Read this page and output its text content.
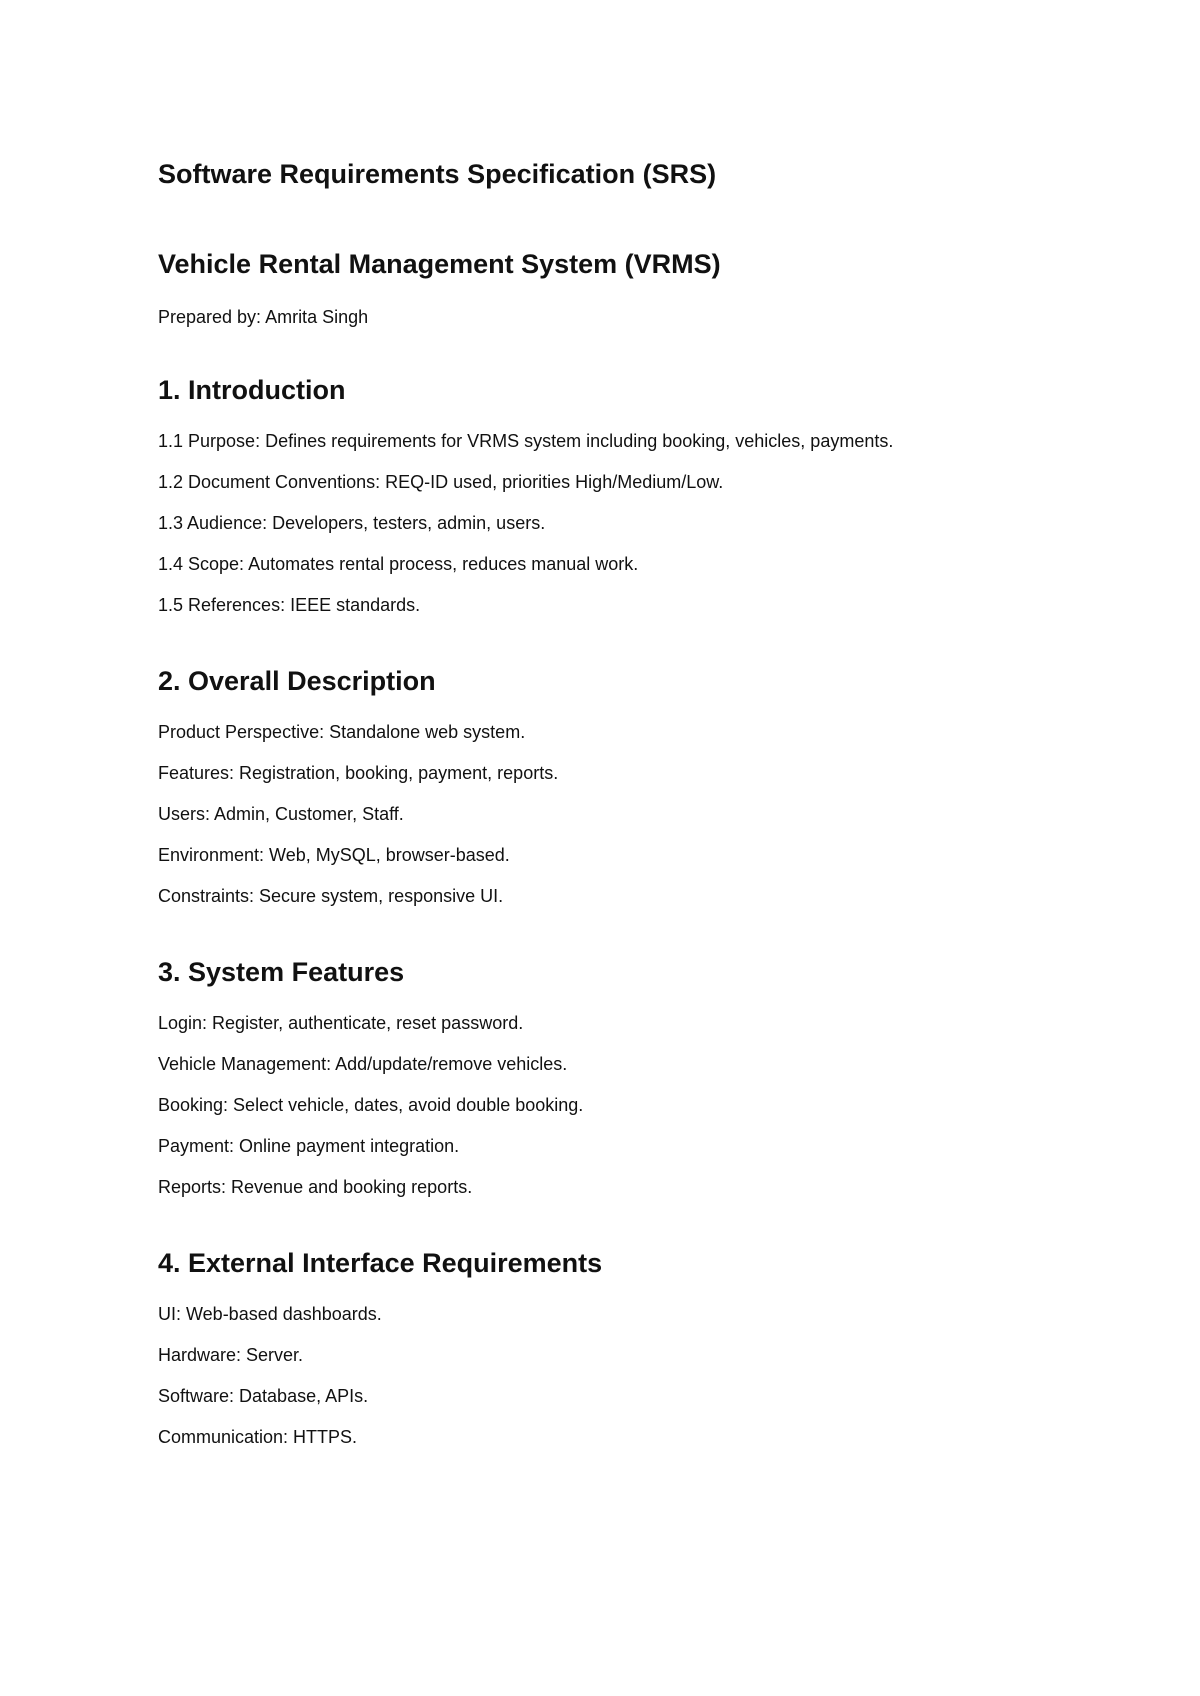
Software Requirements Specification (SRS)
Vehicle Rental Management System (VRMS)

Prepared by: Amrita Singh

1. Introduction
1.1 Purpose: Defines requirements for VRMS system including booking, vehicles, payments.
1.2 Document Conventions: REQ-ID used, priorities High/Medium/Low.
1.3 Audience: Developers, testers, admin, users.
1.4 Scope: Automates rental process, reduces manual work.
1.5 References: IEEE standards.
2. Overall Description
Product Perspective: Standalone web system.
Features: Registration, booking, payment, reports.
Users: Admin, Customer, Staff.
Environment: Web, MySQL, browser-based.
Constraints: Secure system, responsive UI.
3. System Features
Login: Register, authenticate, reset password.
Vehicle Management: Add/update/remove vehicles.
Booking: Select vehicle, dates, avoid double booking.
Payment: Online payment integration.
Reports: Revenue and booking reports.
4. External Interface Requirements
UI: Web-based dashboards.
Hardware: Server.
Software: Database, APIs.
Communication: HTTPS.
